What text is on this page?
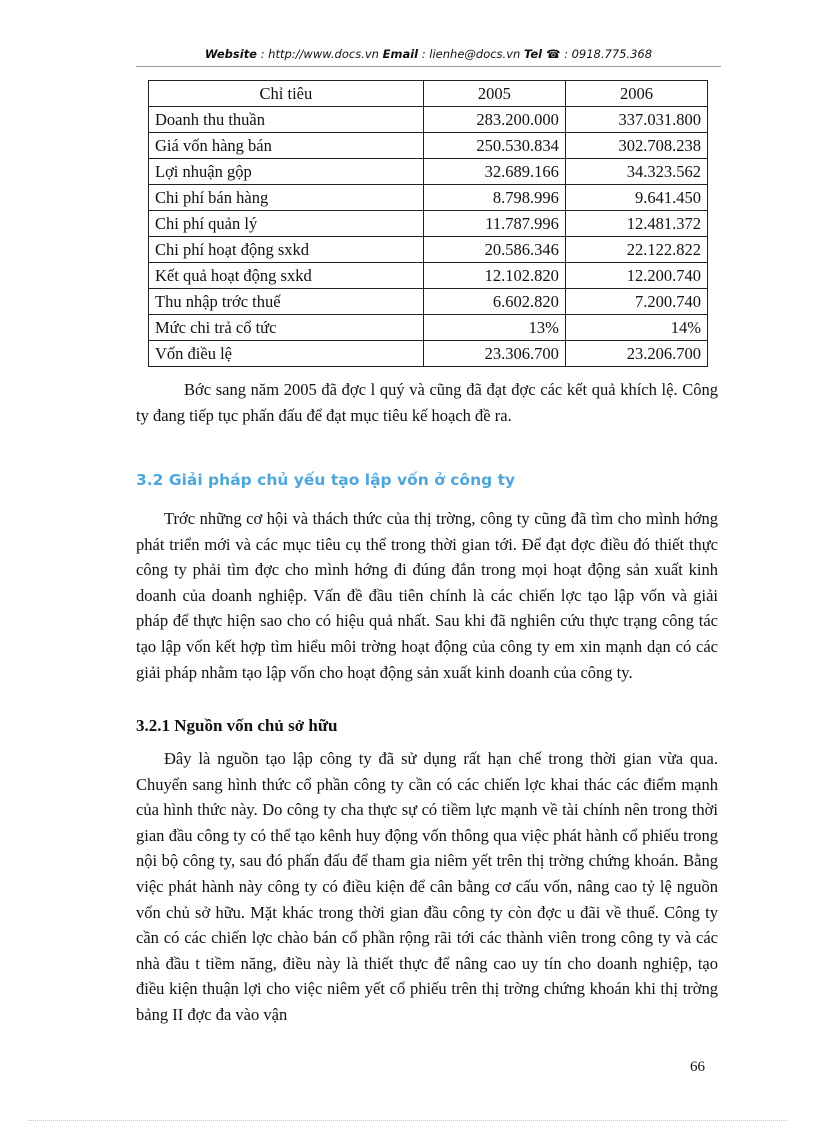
Website : http://www.docs.vn Email : lienhe@docs.vn Tel ☎ : 0918.775.368
Chỉ tiêu	2005	2006
Doanh thu thuần	283.200.000	337.031.800
Giá vốn hàng bán	250.530.834	302.708.238
Lợi nhuận gộp	32.689.166	34.323.562
Chi phí bán hàng	8.798.996	9.641.450
Chi phí quản lý	11.787.996	12.481.372
Chi phí hoạt động sxkd	20.586.346	22.122.822
Kết quả hoạt động sxkd	12.102.820	12.200.740
Thu nhập trớc thuế	6.602.820	7.200.740
Mức chi trả cổ tức	13%	14%
Vốn điều lệ	23.306.700	23.206.700

Bớc sang năm 2005 đã đợc l quý và cũng đã đạt đợc các kết quả khích lệ. Công ty đang tiếp tục phấn đấu để đạt mục tiêu kế hoạch đề ra.

3.2 Giải pháp chủ yếu tạo lập vốn ở công ty

Trớc những cơ hội và thách thức của thị trờng, công ty cũng đã tìm cho mình hớng phát triển mới và các mục tiêu cụ thể trong thời gian tới. Để đạt đợc điều đó thiết thực công ty phải tìm đợc cho mình hớng đi đúng đắn trong mọi hoạt động sản xuất kinh doanh của doanh nghiệp. Vấn đề đầu tiên chính là các chiến lợc tạo lập vốn và giải pháp để thực hiện sao cho có hiệu quả nhất. Sau khi đã nghiên cứu thực trạng công tác tạo lập vốn kết hợp tìm hiểu môi trờng hoạt động của công ty em xin mạnh dạn có các giải pháp nhằm tạo lập vốn cho hoạt động sản xuất kinh doanh của công ty.

3.2.1 Nguồn vốn chủ sở hữu

Đây là nguồn tạo lập công ty đã sử dụng rất hạn chế trong thời gian vừa qua. Chuyển sang hình thức cổ phần công ty cần có các chiến lợc khai thác các điểm mạnh của hình thức này. Do công ty cha thực sự có tiềm lực mạnh về tài chính nên trong thời gian đầu công ty có thể tạo kênh huy động vốn thông qua việc phát hành cổ phiếu trong nội bộ công ty, sau đó phấn đấu để tham gia niêm yết trên thị trờng chứng khoán. Bằng việc phát hành này công ty có điều kiện để cân bằng cơ cấu vốn, nâng cao tỷ lệ nguồn vốn chủ sở hữu. Mặt khác trong thời gian đầu công ty còn đợc u đãi về thuế. Công ty cần có các chiến lợc chào bán cổ phần rộng rãi tới các thành viên trong công ty và các nhà đầu t tiềm năng, điều này là thiết thực để nâng cao uy tín cho doanh nghiệp, tạo điều kiện thuận lợi cho việc niêm yết cổ phiếu trên thị trờng chứng khoán khi thị trờng bảng II đợc đa vào vận

66
